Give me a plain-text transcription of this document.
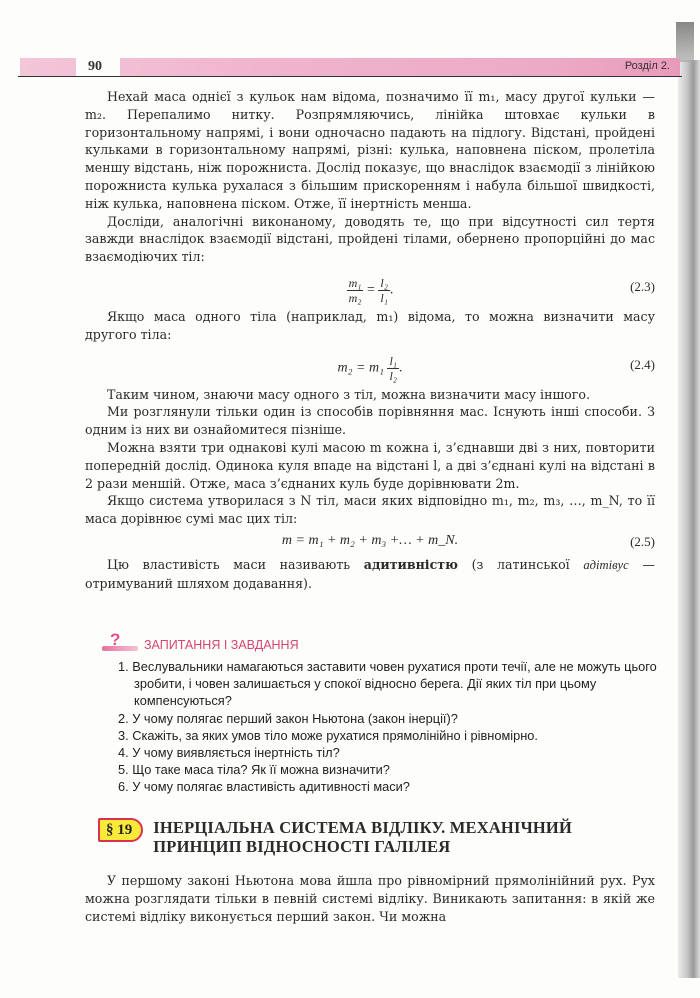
90	Розділ 2.

Нехай маса однієї з кульок нам відома, позначимо її m₁, масу другої кульки — m₂. Перепалимо нитку. Розпрямляючись, лінійка штовхає кульки в горизонтальному напрямі, і вони одночасно падають на підлогу. Відстані, пройдені кульками в горизонтальному напрямі, різні: кулька, наповнена піском, пролетіла меншу відстань, ніж порожниста. Дослід показує, що внаслідок взаємодії з лінійкою порожниста кулька рухалася з більшим прискоренням і набула більшої швидкості, ніж кулька, наповнена піском. Отже, її інертність менша.

Досліди, аналогічні виконаному, доводять те, що при відсутності сил тертя завжди внаслідок взаємодії відстані, пройдені тілами, обернено пропорційні до мас взаємодіючих тіл:

$\frac{\text{m₁}}{\text{m₂}} = \frac{\text{l₂}}{\text{l₁}}$ .	(2.3)

Якщо маса одного тіла (наприклад, m₁) відома, то можна визначити масу другого тіла:

$m_2 = m_1 \frac{\text{l₁}}{\text{l₂}}$ .	(2.4)

Таким чином, знаючи масу одного з тіл, можна визначити масу іншого.

Ми розглянули тільки один із способів порівняння мас. Існують інші способи. З одним із них ви ознайомитеся пізніше.

Можна взяти три однакові кулі масою m кожна і, з’єднавши дві з них, повторити попередній дослід. Одинока куля впаде на відстані l, а дві з’єднані кулі на відстані в 2 рази меншій. Отже, маса з’єднаних куль буде дорівнювати 2m.

Якщо система утворилася з N тіл, маси яких відповідно m₁, m₂, m₃, …, m_N, то її маса дорівнює сумі мас цих тіл:

m = m₁ + m₂ + m₃ +… + m_N.	(2.5)

Цю властивість маси називають адитивністю (з латинської адітівус — отримуваний шляхом додавання).

? ЗАПИТАННЯ І ЗАВДАННЯ
1. Веслувальники намагаються заставити човен рухатися проти течії, але не можуть цього зробити, і човен залишається у спокої відносно берега. Дії яких тіл при цьому компенсуються?
2. У чому полягає перший закон Ньютона (закон інерції)?
3. Скажіть, за яких умов тіло може рухатися прямолінійно і рівномірно.
4. У чому виявляється інертність тіл?
5. Що таке маса тіла? Як її можна визначити?
6. У чому полягає властивість адитивності маси?
§ 19	ІНЕРЦІАЛЬНА СИСТЕМА ВІДЛІКУ. МЕХАНІЧНИЙ
ПРИНЦИП ВІДНОСНОСТІ ГАЛІЛЕЯ

У першому законі Ньютона мова йшла про рівномірний прямолінійний рух. Рух можна розглядати тільки в певній системі відліку. Виникають запитання: в якій же системі відліку виконується перший закон. Чи можна
